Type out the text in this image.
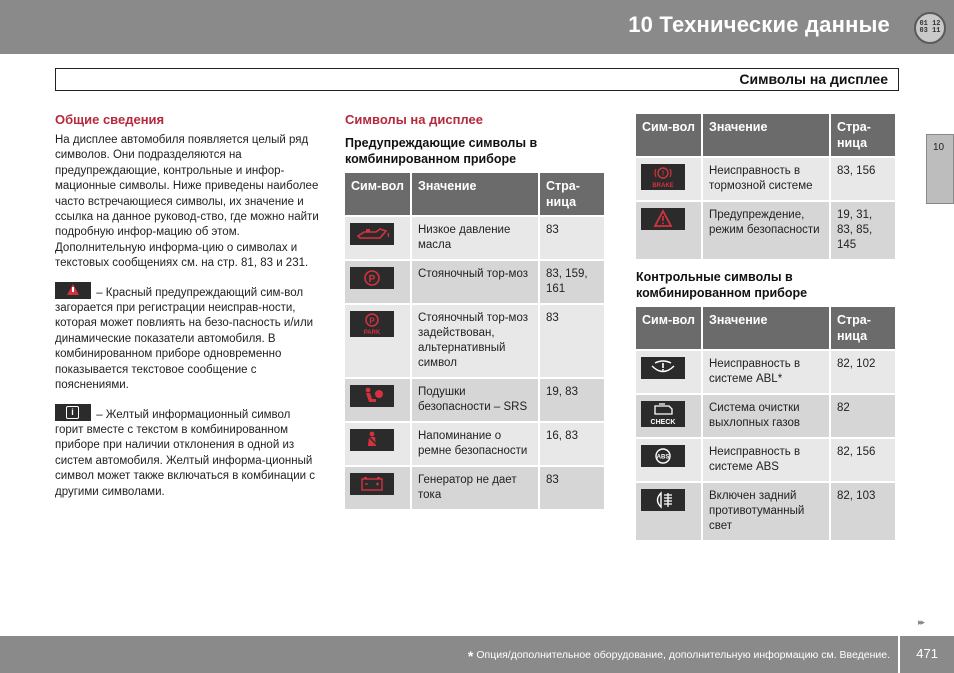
10 Технические данные	01 12
03 11
Символы на дисплее
10
Общие сведения

На дисплее автомобиля появляется целый ряд символов. Они подразделяются на предупреждающие, контрольные и инфор-мационные символы. Ниже приведены наиболее часто встречающиеся символы, их значение и ссылка на данное руковод-ство, где можно найти подробную инфор-мацию об этом. Дополнительную информа-цию о символах и текстовых сообщениях см. на стр. 81, 83 и 231.

– Красный предупреждающий сим-вол загорается при регистрации неисправ-ности, которая может повлиять на безо-пасность и/или динамические показатели автомобиля. В комбинированном приборе одновременно показывается текстовое сообщение с пояснениями.

i	– Желтый информационный символ горит вместе с текстом в комбинированном приборе при наличии отклонения в одной из систем автомобиля. Желтый информа-ционный символ может также включаться в комбинации с другими символами.

Символы на дисплее
Предупреждающие символы в комбинированном приборе
Сим-вол	Значение	Стра-ница

	Низкое давление масла	83

P	Стояночный тор-моз	83, 159, 161

P
PARK	Стояночный тор-моз задействован, альтернативный символ	83

	Подушки безопасности – SRS	19, 83

	Напоминание о ремне безопасности	16, 83

	Генератор не дает тока	83
Сим-вол	Значение	Стра-ница

!
BRAKE	Неисправность в тормозной системе	83, 156

	Предупреждение, режим безопасности	19, 31, 83, 85, 145
Контрольные символы в комбинированном приборе
Сим-вол	Значение	Стра-ница

	Неисправность в системе ABL*	82, 102

CHECK	Система очистки выхлопных газов	82

ABS	Неисправность в системе ABS	82, 156

	Включен задний противотуманный свет	82, 103
▸▸
* Опция/дополнительное оборудование, дополнительную информацию см. Введение. 471
